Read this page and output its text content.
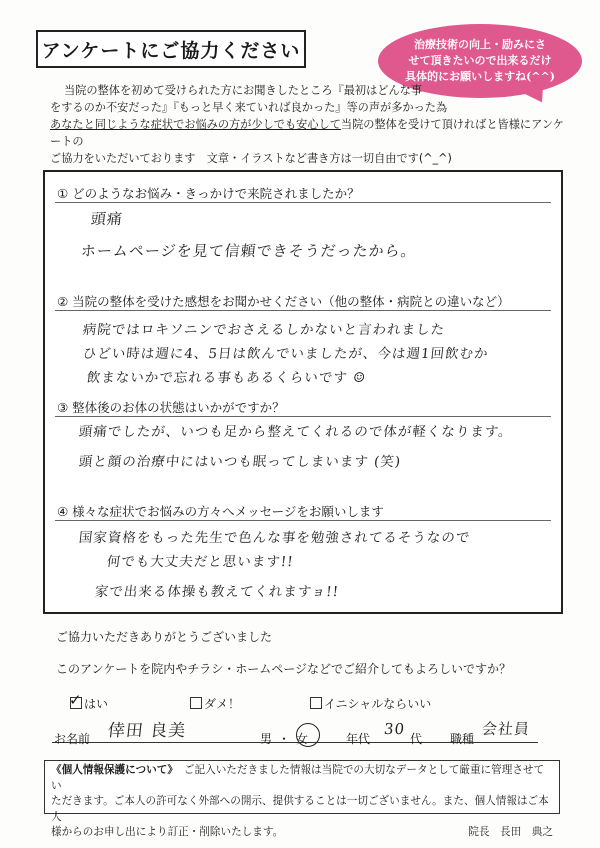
アンケートにご協力ください	治療技術の向上・励みにさ
せて頂きたいので出来るだけ
具体的にお願いしますね(^^)
当院の整体を初めて受けられた方にお聞きしたところ『最初はどんな事
をするのか不安だった』『もっと早く来ていれば良かった』等の声が多かった為
あなたと同じような症状でお悩みの方が少しでも安心して当院の整体を受けて頂ければと皆様にアンケートの
ご協力をいただいております　文章・イラストなど書き方は一切自由です(^_^)
① どのようなお悩み・きっかけで来院されましたか？
頭痛
ホームページを見て信頼できそうだったから。
② 当院の整体を受けた感想をお聞かせください（他の整体・病院との違いなど）
病院ではロキソニンでおさえるしかないと言われました
ひどい時は週に4、5日は飲んでいましたが、今は週1回飲むか
飲まないかで忘れる事もあるくらいです ☺
③ 整体後のお体の状態はいかがですか？
頭痛でしたが、いつも足から整えてくれるので体が軽くなります。
頭と顔の治療中にはいつも眠ってしまいます (笑)
④ 様々な症状でお悩みの方々へメッセージをお願いします
国家資格をもった先生で色んな事を勉強されてるそうなので
何でも大丈夫だと思います!!
家で出来る体操も教えてくれますョ!!
ご協力いただきありがとうございました
このアンケートを院内やチラシ・ホームページなどでご紹介してもよろしいですか？
✓ はい	ダメ！	イニシャルならいい
お名前 倖田 良美	男 ・ 女	年代
30
代 職種
会社員
《個人情報保護について》 ご記入いただきました情報は当院での大切なデータとして厳重に管理させてい
ただきます。ご本人の許可なく外部への開示、提供することは一切ございません。また、個人情報はご本人
様からのお申し出により訂正・削除いたします。	院長　長田　典之
